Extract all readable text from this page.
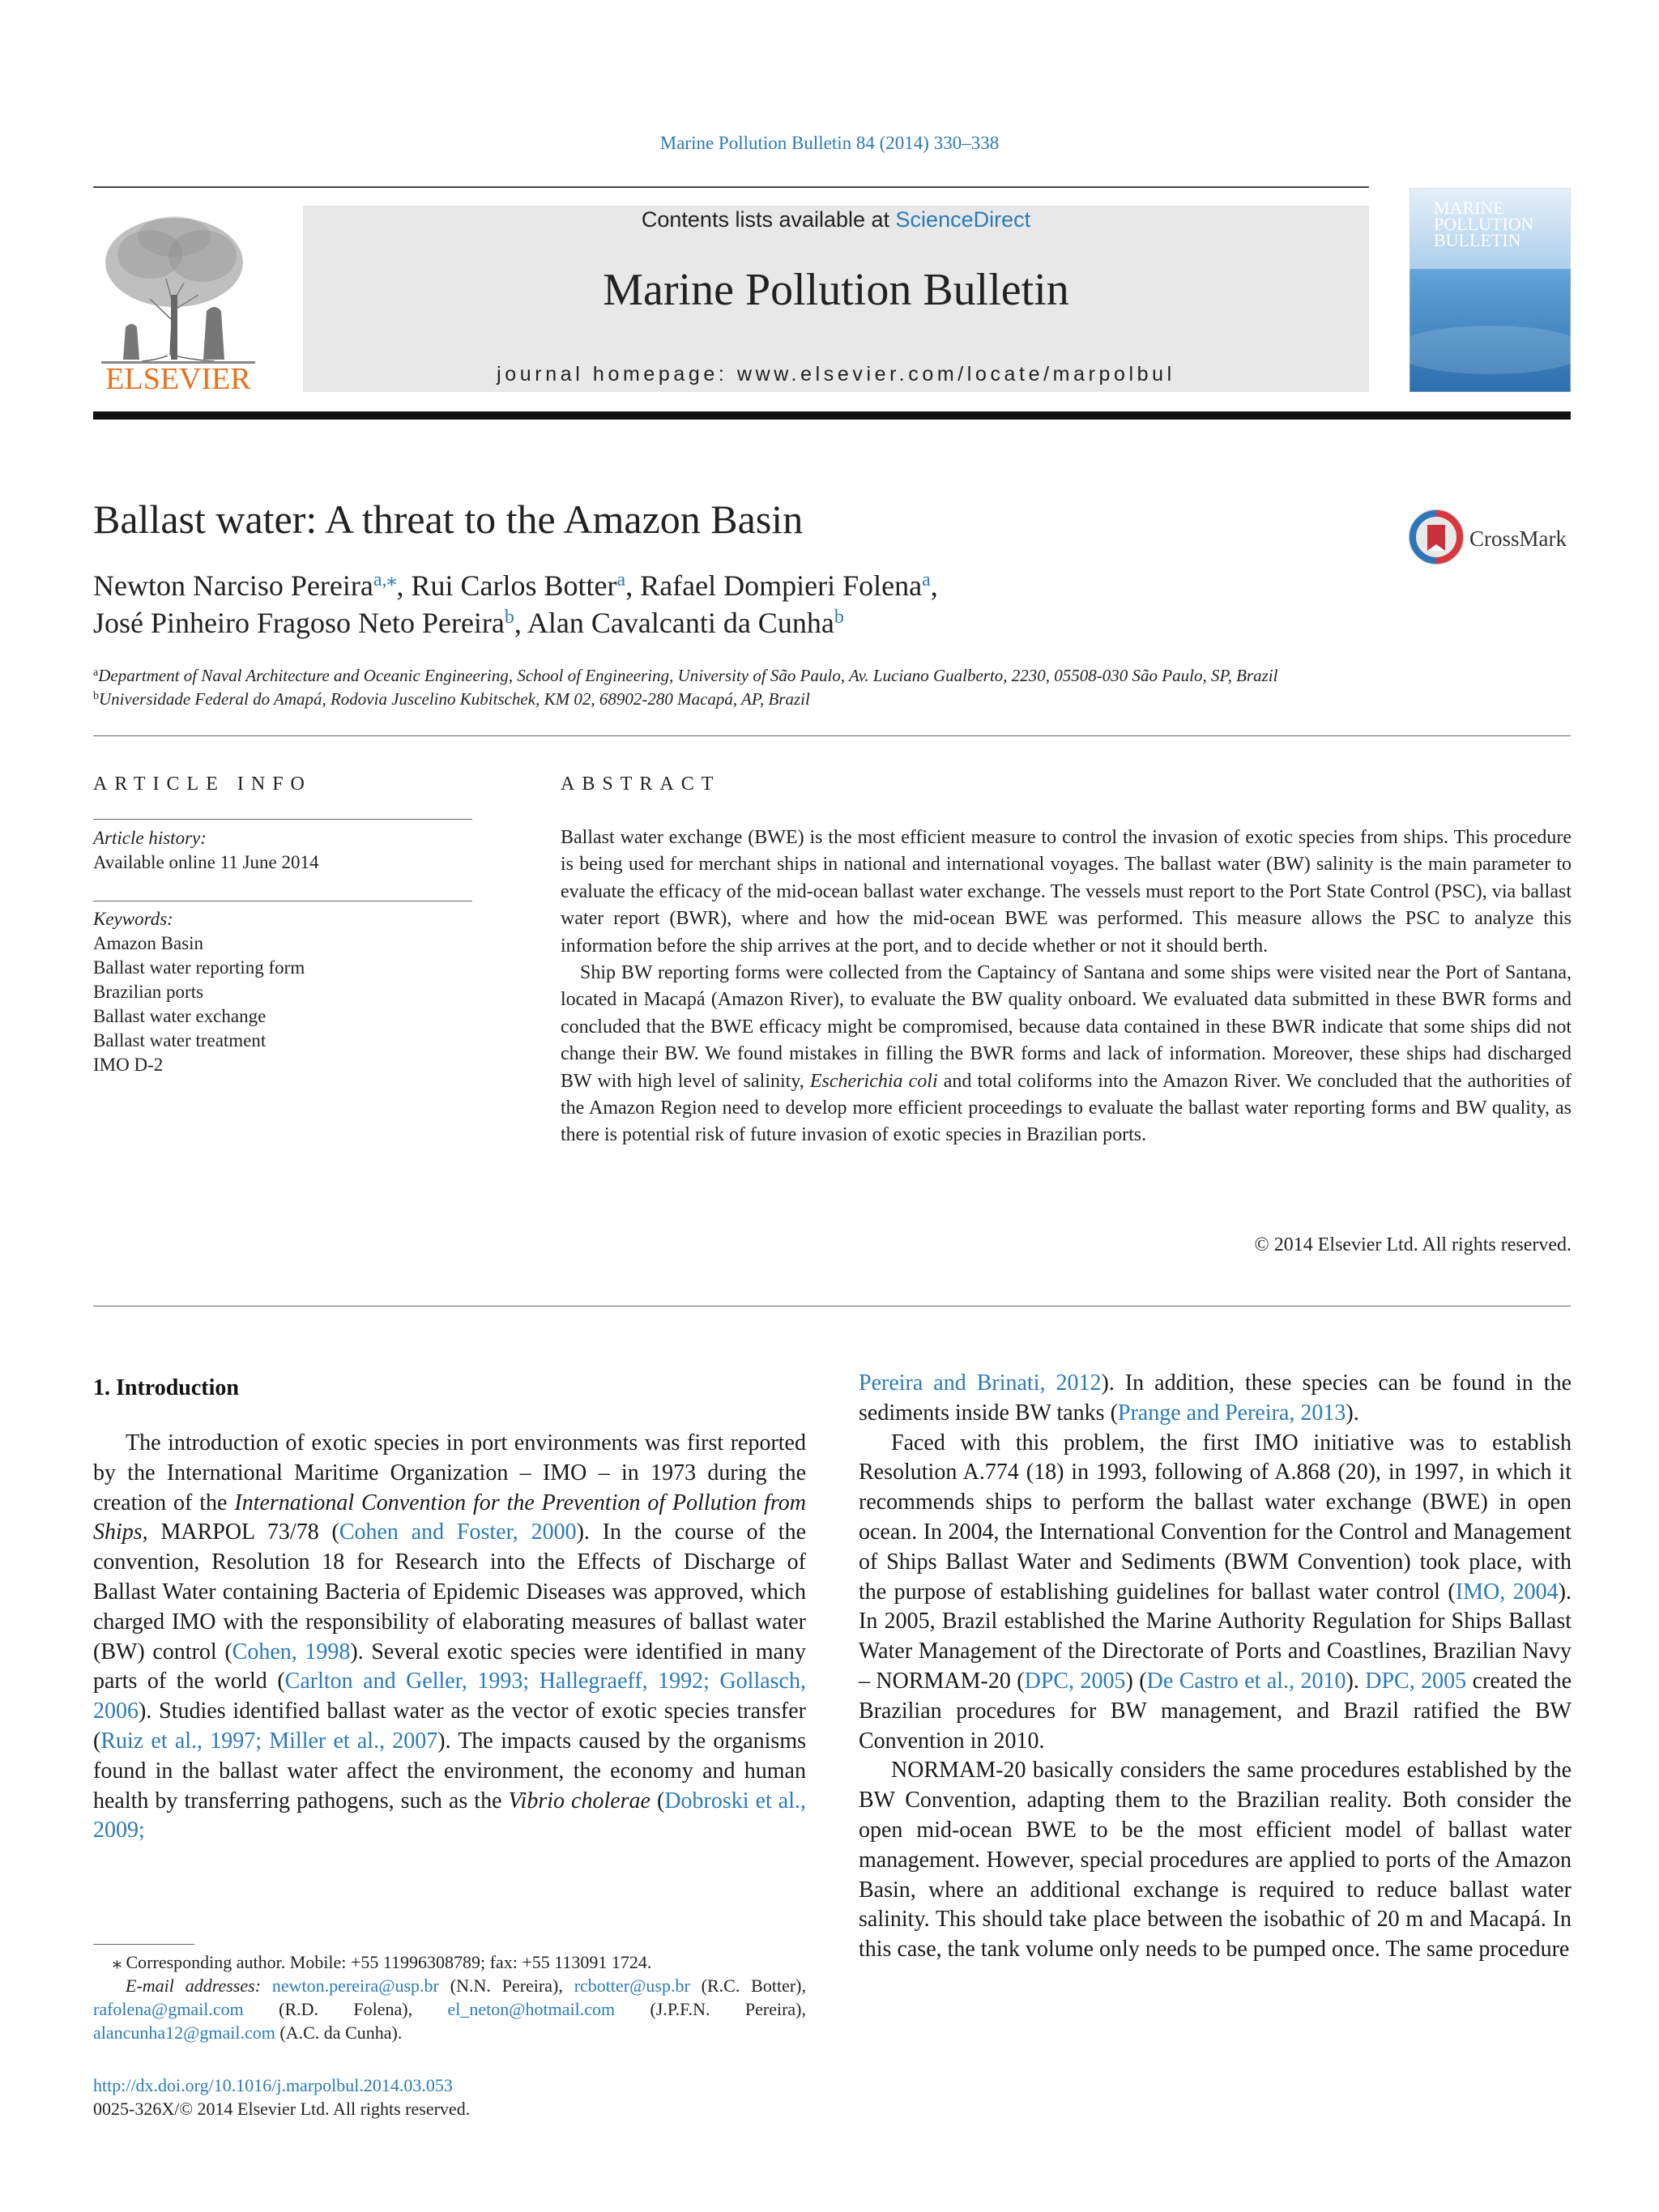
Marine Pollution Bulletin 84 (2014) 330–338
ELSEVIER
Contents lists available at ScienceDirect
Marine Pollution Bulletin
journal homepage: www.elsevier.com/locate/marpolbul
MARINE
POLLUTION
BULLETIN
Ballast water: A threat to the Amazon Basin	CrossMark
Newton Narciso Pereira$^{a,⁎}$, Rui Carlos Botter$^a$, Rafael Dompieri Folena$^a$,
José Pinheiro Fragoso Neto Pereira$^b$, Alan Cavalcanti da Cunha$^b$
$^a$Department of Naval Architecture and Oceanic Engineering, School of Engineering, University of São Paulo, Av. Luciano Gualberto, 2230, 05508-030 São Paulo, SP, Brazil
$^b$Universidade Federal do Amapá, Rodovia Juscelino Kubitschek, KM 02, 68902-280 Macapá, AP, Brazil
ARTICLE INFO
Article history:
Available online 11 June 2014
Keywords:
Amazon Basin
Ballast water reporting form
Brazilian ports
Ballast water exchange
Ballast water treatment
IMO D-2
ABSTRACT

Ballast water exchange (BWE) is the most efficient measure to control the invasion of exotic species from ships. This procedure is being used for merchant ships in national and international voyages. The ballast water (BW) salinity is the main parameter to evaluate the efficacy of the mid-ocean ballast water exchange. The vessels must report to the Port State Control (PSC), via ballast water report (BWR), where and how the mid-ocean BWE was performed. This measure allows the PSC to analyze this information before the ship arrives at the port, and to decide whether or not it should berth.

Ship BW reporting forms were collected from the Captaincy of Santana and some ships were visited near the Port of Santana, located in Macapá (Amazon River), to evaluate the BW quality onboard. We evaluated data submitted in these BWR forms and concluded that the BWE efficacy might be compromised, because data contained in these BWR indicate that some ships did not change their BW. We found mistakes in filling the BWR forms and lack of information. Moreover, these ships had discharged BW with high level of salinity, Escherichia coli and total coliforms into the Amazon River. We concluded that the authorities of the Amazon Region need to develop more efficient proceedings to evaluate the ballast water reporting forms and BW quality, as there is potential risk of future invasion of exotic species in Brazilian ports.

© 2014 Elsevier Ltd. All rights reserved.
1. Introduction

The introduction of exotic species in port environments was first reported by the International Maritime Organization – IMO – in 1973 during the creation of the International Convention for the Prevention of Pollution from Ships, MARPOL 73/78 (Cohen and Foster, 2000). In the course of the convention, Resolution 18 for Research into the Effects of Discharge of Ballast Water containing Bacteria of Epidemic Diseases was approved, which charged IMO with the responsibility of elaborating measures of ballast water (BW) control (Cohen, 1998). Several exotic species were identified in many parts of the world (Carlton and Geller, 1993; Hallegraeff, 1992; Gollasch, 2006). Studies identified ballast water as the vector of exotic species transfer (Ruiz et al., 1997; Miller et al., 2007). The impacts caused by the organisms found in the ballast water affect the environment, the economy and human health by transferring pathogens, such as the Vibrio cholerae (Dobroski et al., 2009;

Pereira and Brinati, 2012). In addition, these species can be found in the sediments inside BW tanks (Prange and Pereira, 2013).

Faced with this problem, the first IMO initiative was to establish Resolution A.774 (18) in 1993, following of A.868 (20), in 1997, in which it recommends ships to perform the ballast water exchange (BWE) in open ocean. In 2004, the International Convention for the Control and Management of Ships Ballast Water and Sediments (BWM Convention) took place, with the purpose of establishing guidelines for ballast water control (IMO, 2004). In 2005, Brazil established the Marine Authority Regulation for Ships Ballast Water Management of the Directorate of Ports and Coastlines, Brazilian Navy – NORMAM-20 (DPC, 2005) (De Castro et al., 2010). DPC, 2005 created the Brazilian procedures for BW management, and Brazil ratified the BW Convention in 2010.

NORMAM-20 basically considers the same procedures established by the BW Convention, adapting them to the Brazilian reality. Both consider the open mid-ocean BWE to be the most efficient model of ballast water management. However, special procedures are applied to ports of the Amazon Basin, where an additional exchange is required to reduce ballast water salinity. This should take place between the isobathic of 20 m and Macapá. In this case, the tank volume only needs to be pumped once. The same procedure

⁎ Corresponding author. Mobile: +55 11996308789; fax: +55 113091 1724.
E-mail addresses: newton.pereira@usp.br (N.N. Pereira), rcbotter@usp.br (R.C. Botter), rafolena@gmail.com (R.D. Folena), el_neton@hotmail.com (J.P.F.N. Pereira), alancunha12@gmail.com (A.C. da Cunha).
http://dx.doi.org/10.1016/j.marpolbul.2014.03.053
0025-326X/© 2014 Elsevier Ltd. All rights reserved.
